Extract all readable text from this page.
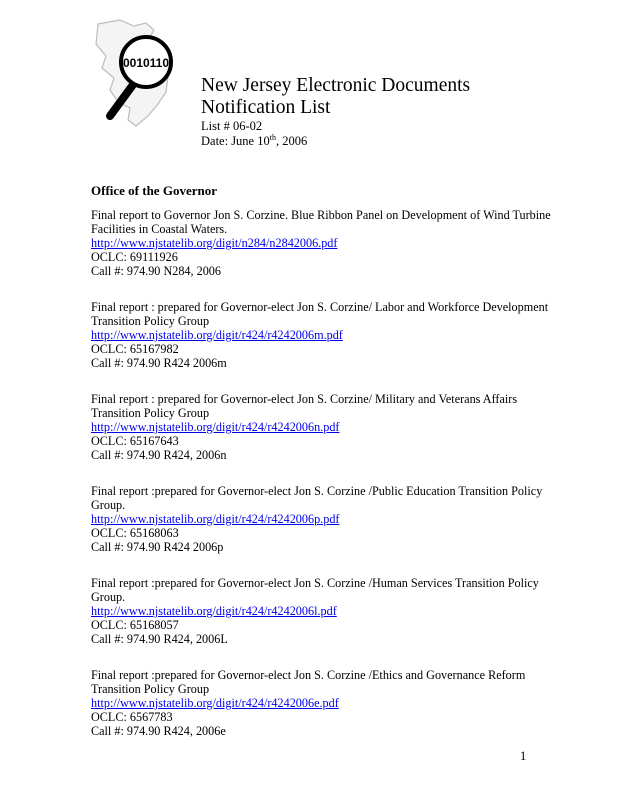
0010110
New Jersey Electronic Documents
Notification List
List # 06-02
Date: June 10th, 2006
Office of the Governor
Final report to Governor Jon S. Corzine. Blue Ribbon Panel on Development of Wind Turbine Facilities in Coastal Waters.
http://www.njstatelib.org/digit/n284/n2842006.pdf
OCLC: 69111926
Call #: 974.90 N284, 2006
Final report : prepared for Governor-elect Jon S. Corzine/ Labor and Workforce Development Transition Policy Group
http://www.njstatelib.org/digit/r424/r4242006m.pdf
OCLC: 65167982
Call #: 974.90 R424 2006m
Final report : prepared for Governor-elect Jon S. Corzine/ Military and Veterans Affairs Transition Policy Group
http://www.njstatelib.org/digit/r424/r4242006n.pdf
OCLC: 65167643
Call #: 974.90 R424, 2006n
Final report :prepared for Governor-elect Jon S. Corzine /Public Education Transition Policy Group.
http://www.njstatelib.org/digit/r424/r4242006p.pdf
OCLC: 65168063
Call #: 974.90 R424 2006p
Final report :prepared for Governor-elect Jon S. Corzine /Human Services Transition Policy Group.
http://www.njstatelib.org/digit/r424/r4242006l.pdf
OCLC: 65168057
Call #: 974.90 R424, 2006L
Final report :prepared for Governor-elect Jon S. Corzine /Ethics and Governance Reform Transition Policy Group
http://www.njstatelib.org/digit/r424/r4242006e.pdf
OCLC: 6567783
Call #: 974.90 R424, 2006e
1
